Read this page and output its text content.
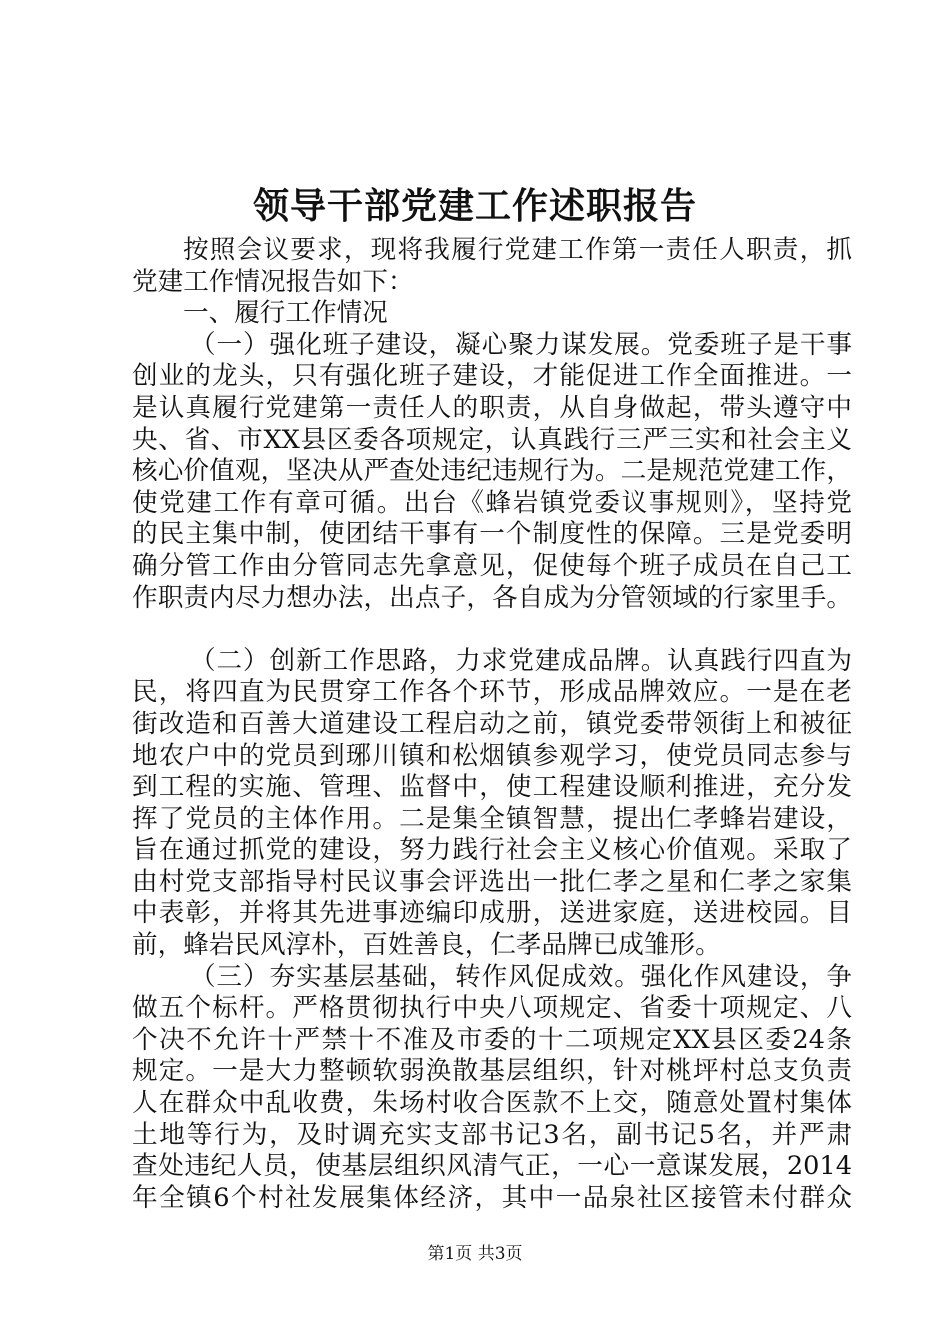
领导干部党建工作述职报告
按照会议要求，现将我履行党建工作第一责任人职责，抓
党建工作情况报告如下：
一、履行工作情况
（一）强化班子建设，凝心聚力谋发展。党委班子是干事
创业的龙头，只有强化班子建设，才能促进工作全面推进。一
是认真履行党建第一责任人的职责，从自身做起，带头遵守中
央、省、市XX县区委各项规定，认真践行三严三实和社会主义
核心价值观，坚决从严查处违纪违规行为。二是规范党建工作，
使党建工作有章可循。出台《蜂岩镇党委议事规则》，坚持党
的民主集中制，使团结干事有一个制度性的保障。三是党委明
确分管工作由分管同志先拿意见，促使每个班子成员在自己工
作职责内尽力想办法，出点子，各自成为分管领域的行家里手。
（二）创新工作思路，力求党建成品牌。认真践行四直为
民，将四直为民贯穿工作各个环节，形成品牌效应。一是在老
街改造和百善大道建设工程启动之前，镇党委带领街上和被征
地农户中的党员到琊川镇和松烟镇参观学习，使党员同志参与
到工程的实施、管理、监督中，使工程建设顺利推进，充分发
挥了党员的主体作用。二是集全镇智慧，提出仁孝蜂岩建设，
旨在通过抓党的建设，努力践行社会主义核心价值观。采取了
由村党支部指导村民议事会评选出一批仁孝之星和仁孝之家集
中表彰，并将其先进事迹编印成册，送进家庭，送进校园。目
前，蜂岩民风淳朴，百姓善良，仁孝品牌已成雏形。
（三）夯实基层基础，转作风促成效。强化作风建设，争
做五个标杆。严格贯彻执行中央八项规定、省委十项规定、八
个决不允许十严禁十不准及市委的十二项规定XX县区委24条
规定。一是大力整顿软弱涣散基层组织，针对桃坪村总支负责
人在群众中乱收费，朱场村收合医款不上交，随意处置村集体
土地等行为，及时调充实支部书记3名，副书记5名，并严肃
查处违纪人员，使基层组织风清气正，一心一意谋发展，2014
年全镇6个村社发展集体经济，其中一品泉社区接管未付群众
第1页 共3页
